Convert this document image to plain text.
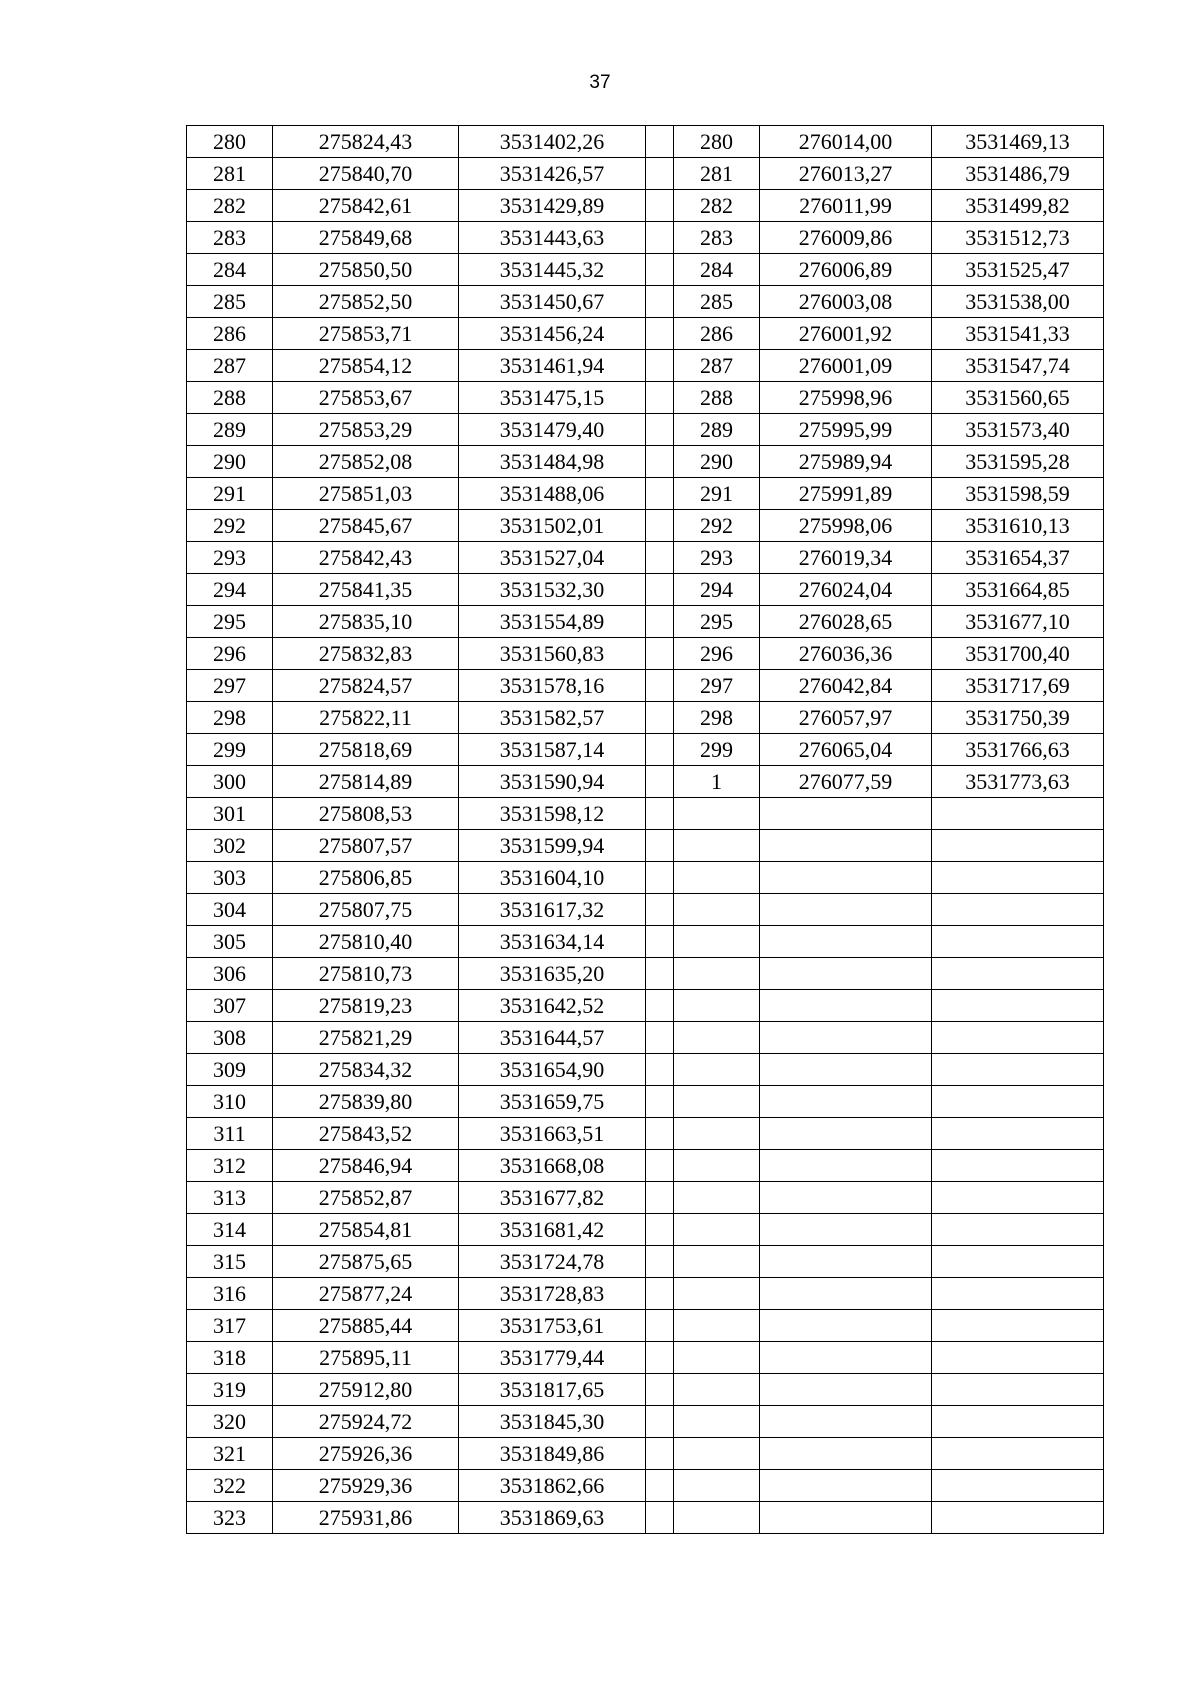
37
280	275824,43	3531402,26		280	276014,00	3531469,13
281	275840,70	3531426,57		281	276013,27	3531486,79
282	275842,61	3531429,89		282	276011,99	3531499,82
283	275849,68	3531443,63		283	276009,86	3531512,73
284	275850,50	3531445,32		284	276006,89	3531525,47
285	275852,50	3531450,67		285	276003,08	3531538,00
286	275853,71	3531456,24		286	276001,92	3531541,33
287	275854,12	3531461,94		287	276001,09	3531547,74
288	275853,67	3531475,15		288	275998,96	3531560,65
289	275853,29	3531479,40		289	275995,99	3531573,40
290	275852,08	3531484,98		290	275989,94	3531595,28
291	275851,03	3531488,06		291	275991,89	3531598,59
292	275845,67	3531502,01		292	275998,06	3531610,13
293	275842,43	3531527,04		293	276019,34	3531654,37
294	275841,35	3531532,30		294	276024,04	3531664,85
295	275835,10	3531554,89		295	276028,65	3531677,10
296	275832,83	3531560,83		296	276036,36	3531700,40
297	275824,57	3531578,16		297	276042,84	3531717,69
298	275822,11	3531582,57		298	276057,97	3531750,39
299	275818,69	3531587,14		299	276065,04	3531766,63
300	275814,89	3531590,94		1	276077,59	3531773,63
301	275808,53	3531598,12				
302	275807,57	3531599,94				
303	275806,85	3531604,10				
304	275807,75	3531617,32				
305	275810,40	3531634,14				
306	275810,73	3531635,20				
307	275819,23	3531642,52				
308	275821,29	3531644,57				
309	275834,32	3531654,90				
310	275839,80	3531659,75				
311	275843,52	3531663,51				
312	275846,94	3531668,08				
313	275852,87	3531677,82				
314	275854,81	3531681,42				
315	275875,65	3531724,78				
316	275877,24	3531728,83				
317	275885,44	3531753,61				
318	275895,11	3531779,44				
319	275912,80	3531817,65				
320	275924,72	3531845,30				
321	275926,36	3531849,86				
322	275929,36	3531862,66				
323	275931,86	3531869,63				
